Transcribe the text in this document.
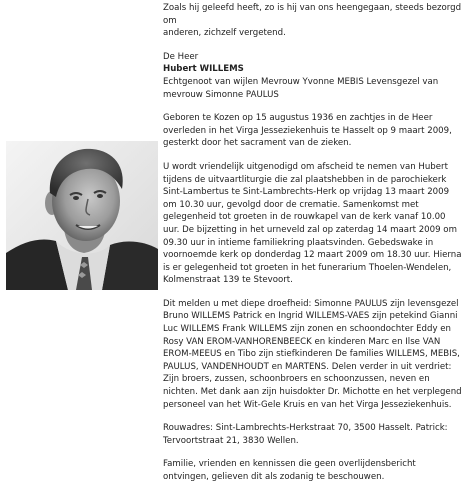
Zoals hij geleefd heeft, zo is hij van ons heengegaan, steeds bezorgd om
anderen, zichzelf vergetend.

De Heer
Hubert WILLEMS
Echtgenoot van wijlen Mevrouw Yvonne MEBIS Levensgezel van mevrouw Simonne PAULUS

Geboren te Kozen op 15 augustus 1936 en zachtjes in de Heer overleden in het Virga Jesseziekenhuis te Hasselt op 9 maart 2009, gesterkt door het sacrament van de zieken.

U wordt vriendelijk uitgenodigd om afscheid te nemen van Hubert tijdens de uitvaartliturgie die zal plaatshebben in de parochiekerk Sint-Lambertus te Sint-Lambrechts-Herk op vrijdag 13 maart 2009 om 10.30 uur, gevolgd door de crematie. Samenkomst met gelegenheid tot groeten in de rouwkapel van de kerk vanaf 10.00 uur. De bijzetting in het urneveld zal op zaterdag 14 maart 2009 om 09.30 uur in intieme familiekring plaatsvinden. Gebedswake in voornoemde kerk op donderdag 12 maart 2009 om 18.30 uur. Hierna is er gelegenheid tot groeten in het funerarium Thoelen-Wendelen, Kolmenstraat 139 te Stevoort.

Dit melden u met diepe droefheid: Simonne PAULUS zijn levensgezel Bruno WILLEMS Patrick en Ingrid WILLEMS-VAES zijn petekind Gianni Luc WILLEMS Frank WILLEMS zijn zonen en schoondochter Eddy en Rosy VAN EROM-VANHORENBEECK en kinderen Marc en Ilse VAN EROM-MEEUS en Tibo zijn stiefkinderen De families WILLEMS, MEBIS, PAULUS, VANDENHOUDT en MARTENS. Delen verder in uit verdriet: Zijn broers, zussen, schoonbroers en schoonzussen, neven en nichten. Met dank aan zijn huisdokter Dr. Michotte en het verplegend personeel van het Wit-Gele Kruis en van het Virga Jesseziekenhuis.

Rouwadres: Sint-Lambrechts-Herkstraat 70, 3500 Hasselt. Patrick: Tervoortstraat 21, 3830 Wellen.

Familie, vrienden en kennissen die geen overlijdensbericht ontvingen, gelieven dit als zodanig te beschouwen.
